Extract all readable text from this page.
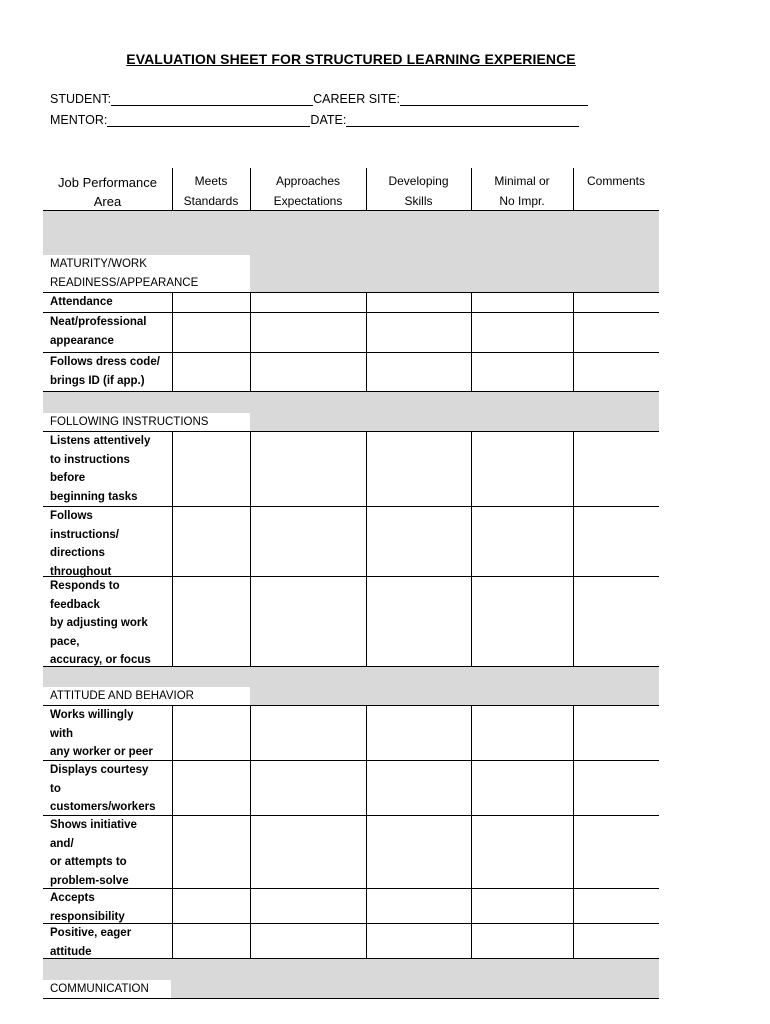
EVALUATION SHEET FOR STRUCTURED LEARNING EXPERIENCE
STUDENT:	CAREER SITE:
MENTOR:	DATE:
Job Performance
Area
Meets
Standards
Approaches
Expectations
Developing
Skills
Minimal or
No Impr.
Comments
MATURITY/WORK
READINESS/APPEARANCE
Attendance
Neat/professional
appearance
Follows dress code/
brings ID (if app.)
FOLLOWING INSTRUCTIONS
Listens attentively
to instructions
before
beginning tasks
Follows
instructions/
directions
throughout
Responds to
feedback
by adjusting work
pace,
accuracy, or focus
ATTITUDE AND BEHAVIOR
Works willingly
with
any worker or peer
Displays courtesy
to
customers/workers
Shows initiative
and/
or attempts to
problem-solve
Accepts
responsibility
Positive, eager
attitude
COMMUNICATION
